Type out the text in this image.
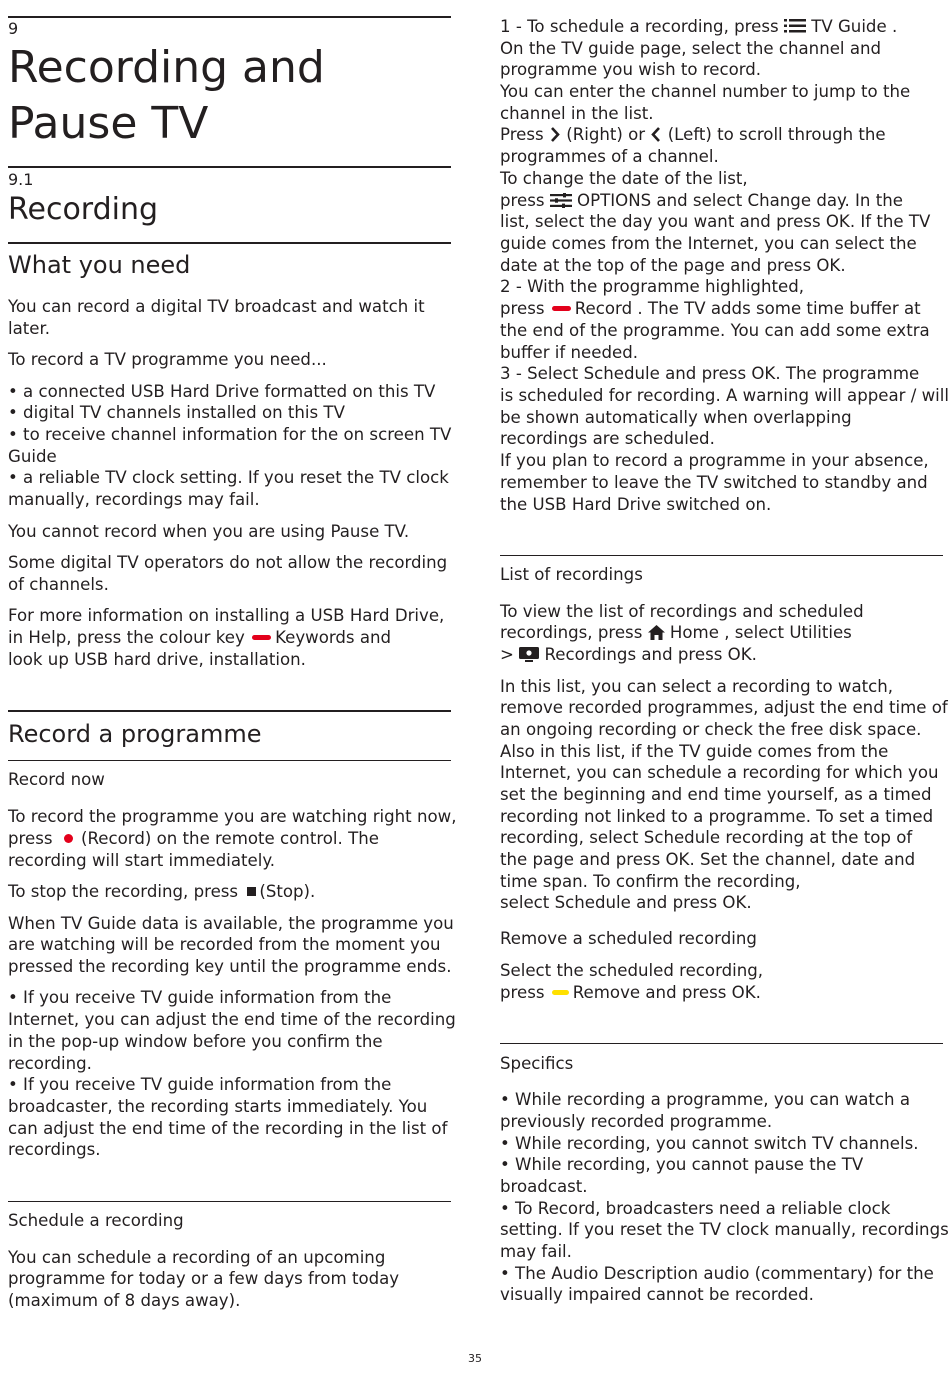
9
Recording and
Pause TV
9.1
Recording
What you need
You can record a digital TV broadcast and watch it
later.
To record a TV programme you need...
• a connected USB Hard Drive formatted on this TV
• digital TV channels installed on this TV
• to receive channel information for the on screen TV
Guide
• a reliable TV clock setting. If you reset the TV clock
manually, recordings may fail.
You cannot record when you are using Pause TV.
Some digital TV operators do not allow the recording
of channels.
For more information on installing a USB Hard Drive,
in Help, press the colour key Keywords and
look up USB hard drive, installation.
Record a programme
Record now
To record the programme you are watching right now,
press  (Record) on the remote control. The
recording will start immediately.
To stop the recording, press (Stop).
When TV Guide data is available, the programme you
are watching will be recorded from the moment you
pressed the recording key until the programme ends.
• If you receive TV guide information from the
Internet, you can adjust the end time of the recording
in the pop-up window before you confirm the
recording.
• If you receive TV guide information from the
broadcaster, the recording starts immediately. You
can adjust the end time of the recording in the list of
recordings.
Schedule a recording
You can schedule a recording of an upcoming
programme for today or a few days from today
(maximum of 8 days away).
1 - To schedule a recording, press  TV Guide .
On the TV guide page, select the channel and
programme you wish to record.
You can enter the channel number to jump to the
channel in the list.
Press  (Right) or  (Left) to scroll through the
programmes of a channel.
To change the date of the list,
press  OPTIONS and select Change day. In the
list, select the day you want and press OK. If the TV
guide comes from the Internet, you can select the
date at the top of the page and press OK.
2 - With the programme highlighted,
press Record . The TV adds some time buffer at
the end of the programme. You can add some extra
buffer if needed.
3 - Select Schedule and press OK. The programme
is scheduled for recording. A warning will appear / will
be shown automatically when overlapping
recordings are scheduled.
If you plan to record a programme in your absence,
remember to leave the TV switched to standby and
the USB Hard Drive switched on.
List of recordings
To view the list of recordings and scheduled
recordings, press  Home , select Utilities
>  Recordings and press OK.
In this list, you can select a recording to watch,
remove recorded programmes, adjust the end time of
an ongoing recording or check the free disk space.
Also in this list, if the TV guide comes from the
Internet, you can schedule a recording for which you
set the beginning and end time yourself, as a timed
recording not linked to a programme. To set a timed
recording, select Schedule recording at the top of
the page and press OK. Set the channel, date and
time span. To confirm the recording,
select Schedule and press OK.
Remove a scheduled recording
Select the scheduled recording,
press Remove and press OK.
Specifics
• While recording a programme, you can watch a
previously recorded programme.
• While recording, you cannot switch TV channels.
• While recording, you cannot pause the TV
broadcast.
• To Record, broadcasters need a reliable clock
setting. If you reset the TV clock manually, recordings
may fail.
• The Audio Description audio (commentary) for the
visually impaired cannot be recorded.
35
